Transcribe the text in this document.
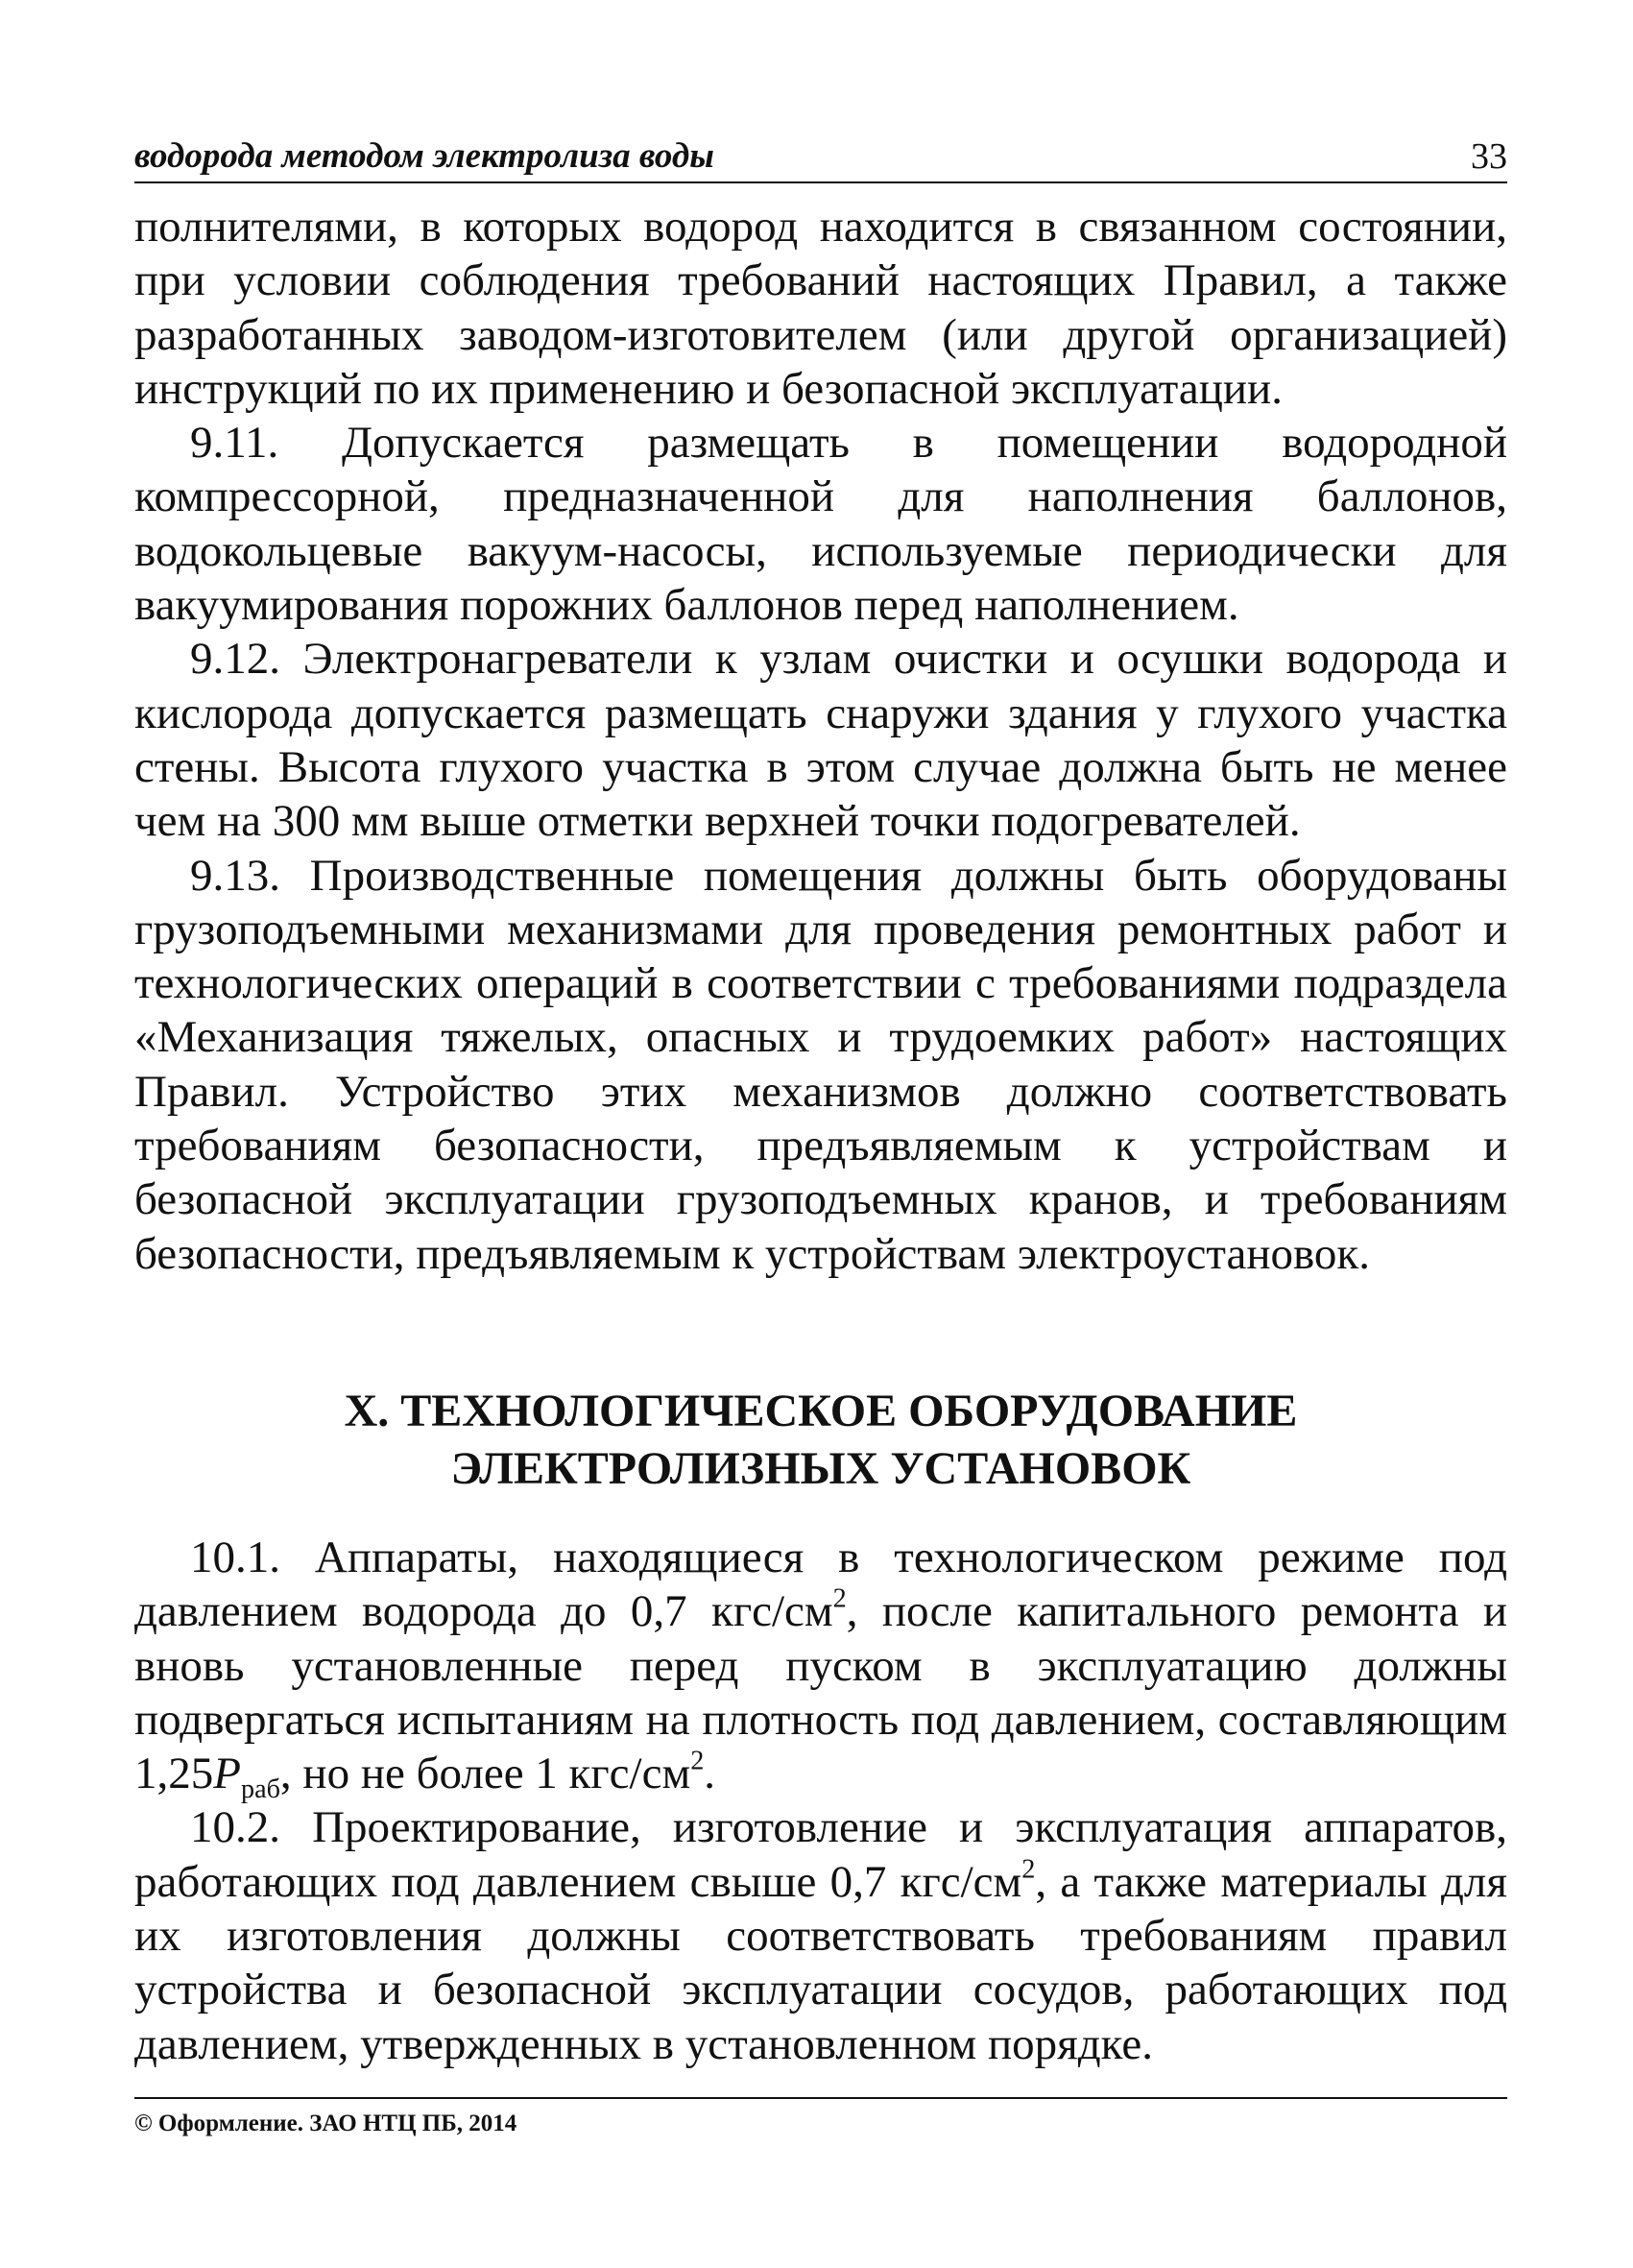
водорода методом электролиза воды	33

полнителями, в которых водород находится в связанном состоянии, при условии соблюдения требований настоящих Правил, а также разработанных заводом-изготовителем (или другой организацией) инструкций по их применению и безопасной эксплуатации.

9.11. Допускается размещать в помещении водородной компрессорной, предназначенной для наполнения баллонов, водокольцевые вакуум-насосы, используемые периодически для вакуумирования порожних баллонов перед наполнением.

9.12. Электронагреватели к узлам очистки и осушки водорода и кислорода допускается размещать снаружи здания у глухого участка стены. Высота глухого участка в этом случае должна быть не менее чем на 300 мм выше отметки верхней точки подогревателей.

9.13. Производственные помещения должны быть оборудованы грузоподъемными механизмами для проведения ремонтных работ и технологических операций в соответствии с требованиями подраздела «Механизация тяжелых, опасных и трудоемких работ» настоящих Правил. Устройство этих механизмов должно соответствовать требованиям безопасности, предъявляемым к устройствам и безопасной эксплуатации грузоподъемных кранов, и требованиям безопасности, предъявляемым к устройствам электроустановок.

X. ТЕХНОЛОГИЧЕСКОЕ ОБОРУДОВАНИЕ
ЭЛЕКТРОЛИЗНЫХ УСТАНОВОК

10.1. Аппараты, находящиеся в технологическом режиме под давлением водорода до 0,7 кгс/$см^2$, после капитального ремонта и вновь установленные перед пуском в эксплуатацию должны подвергаться испытаниям на плотность под давлением, составляющим $1,25P_{раб}$, но не более 1 кгс/$см^2$.

10.2. Проектирование, изготовление и эксплуатация аппаратов, работающих под давлением свыше 0,7 кгс/$см^2$, а также материалы для их изготовления должны соответствовать требованиям правил устройства и безопасной эксплуатации сосудов, работающих под давлением, утвержденных в установленном порядке.

© Оформление. ЗАО НТЦ ПБ, 2014
